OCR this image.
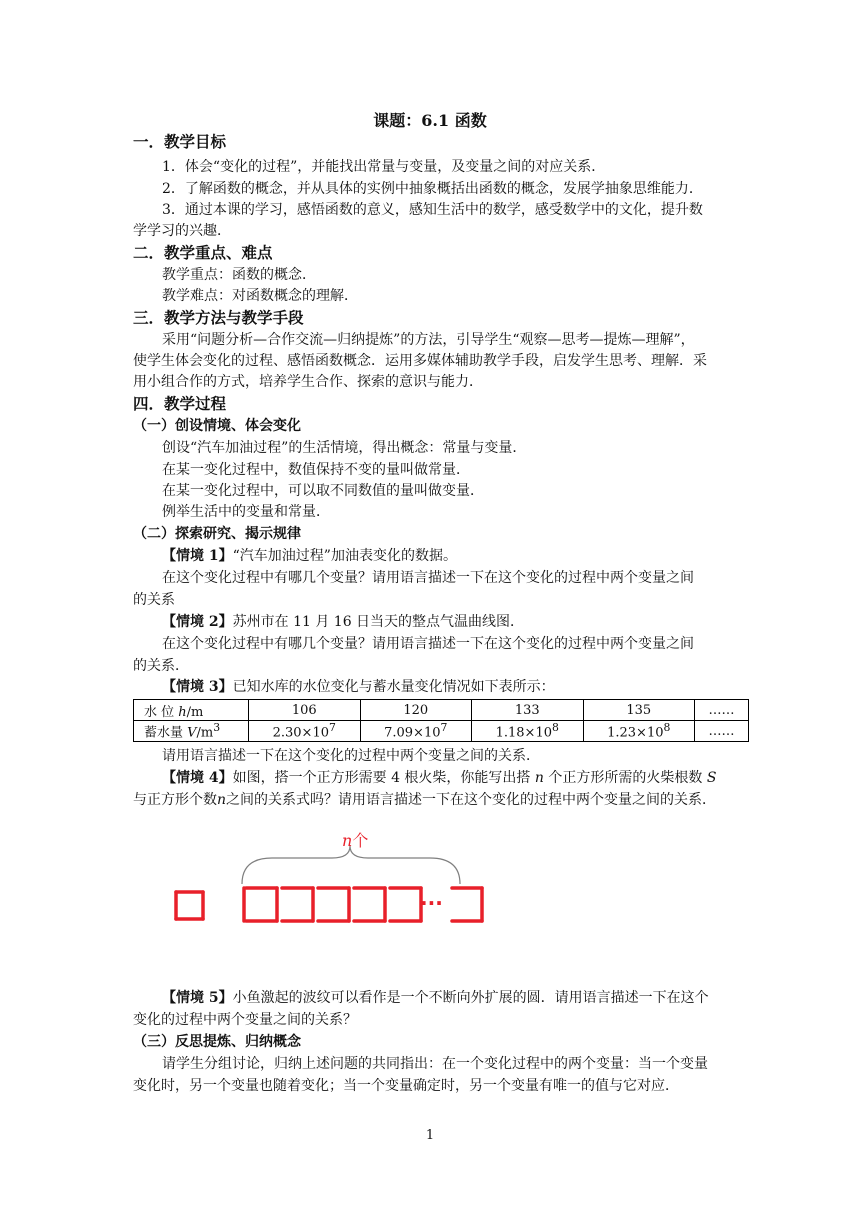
课题：6.1 函数
一．教学目标
1．体会“变化的过程”，并能找出常量与变量，及变量之间的对应关系．
2．了解函数的概念，并从具体的实例中抽象概括出函数的概念，发展学抽象思维能力．
3．通过本课的学习，感悟函数的意义，感知生活中的数学，感受数学中的文化，提升数
学学习的兴趣．
二．教学重点、难点
教学重点：函数的概念．
教学难点：对函数概念的理解．
三．教学方法与教学手段
采用“问题分析—合作交流—归纳提炼”的方法，引导学生“观察—思考—提炼—理解”，
使学生体会变化的过程、感悟函数概念．运用多媒体辅助教学手段，启发学生思考、理解．采
用小组合作的方式，培养学生合作、探索的意识与能力．
四．教学过程
（一）创设情境、体会变化
创设“汽车加油过程”的生活情境，得出概念：常量与变量．
在某一变化过程中，数值保持不变的量叫做常量．
在某一变化过程中，可以取不同数值的量叫做变量．
例举生活中的变量和常量．
（二）探索研究、揭示规律
【情境 1】“汽车加油过程”加油表变化的数据。
在这个变化过程中有哪几个变量？请用语言描述一下在这个变化的过程中两个变量之间
的关系
【情境 2】苏州市在 11 月 16 日当天的整点气温曲线图．
在这个变化过程中有哪几个变量？请用语言描述一下在这个变化的过程中两个变量之间
的关系．
【情境 3】已知水库的水位变化与蓄水量变化情况如下表所示：
水 位 h/m	106	120	133	135	……
蓄水量 $V/m^3$	$2.30\times 10^7$	$7.09\times 10^7$	$1.18\times 10^8$	$1.23\times 10^8$	……
请用语言描述一下在这个变化的过程中两个变量之间的关系．
【情境 4】如图，搭一个正方形需要 4 根火柴，你能写出搭 n 个正方形所需的火柴根数 S
与正方形个数n之间的关系式吗？请用语言描述一下在这个变化的过程中两个变量之间的关系．
n个
···
【情境 5】小鱼激起的波纹可以看作是一个不断向外扩展的圆．请用语言描述一下在这个
变化的过程中两个变量之间的关系？
（三）反思提炼、归纳概念
请学生分组讨论，归纳上述问题的共同指出：在一个变化过程中的两个变量：当一个变量
变化时，另一个变量也随着变化；当一个变量确定时，另一个变量有唯一的值与它对应．
1
